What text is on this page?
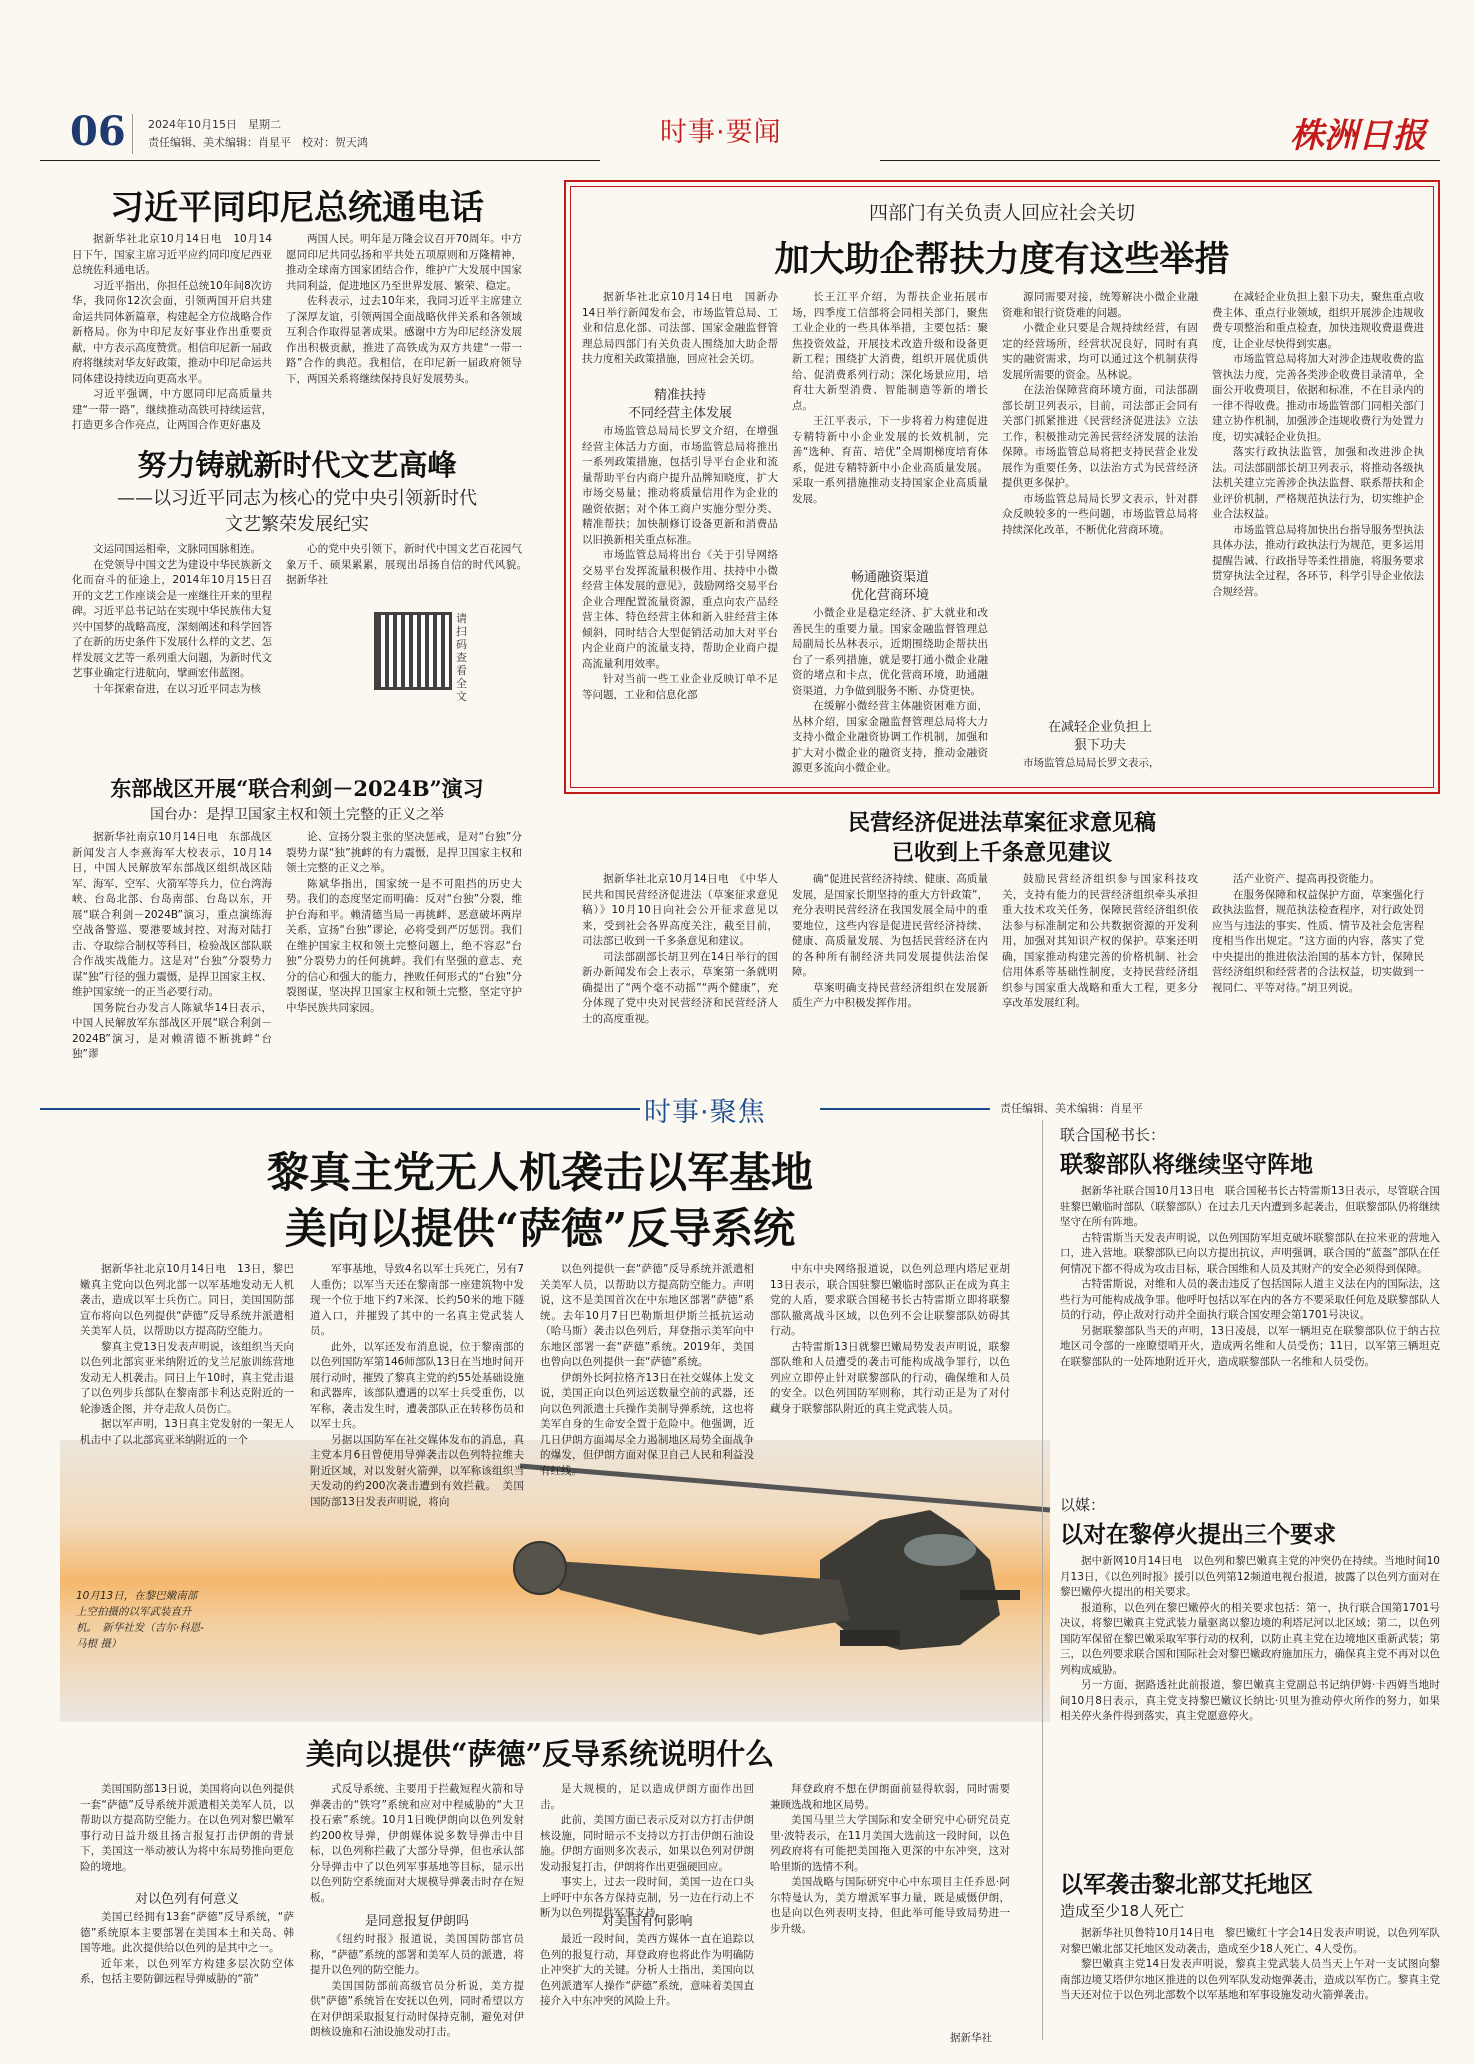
06 2024年10月15日　星期二
责任编辑、美术编辑：肖星平　校对：贺天鸿	时事·要闻	株洲日报
习近平同印尼总统通电话

据新华社北京10月14日电　10月14日下午，国家主席习近平应约同印度尼西亚总统佐科通电话。

习近平指出，你担任总统10年间8次访华，我同你12次会面，引领两国开启共建命运共同体新篇章，构建起全方位战略合作新格局。你为中印尼友好事业作出重要贡献，中方表示高度赞赏。相信印尼新一届政府将继续对华友好政策，推动中印尼命运共同体建设持续迈向更高水平。

习近平强调，中方愿同印尼高质量共建“一带一路”，继续推动高铁可持续运营，打造更多合作亮点，让两国合作更好惠及

两国人民。明年是万隆会议召开70周年。中方愿同印尼共同弘扬和平共处五项原则和万隆精神，推动全球南方国家团结合作，维护广大发展中国家共同利益，促进地区乃至世界发展、繁荣、稳定。

佐科表示，过去10年来，我同习近平主席建立了深厚友谊，引领两国全面战略伙伴关系和各领域互利合作取得显著成果。感谢中方为印尼经济发展作出积极贡献，推进了高铁成为双方共建“一带一路”合作的典范。我相信，在印尼新一届政府领导下，两国关系将继续保持良好发展势头。

努力铸就新时代文艺高峰
——以习近平同志为核心的党中央引领新时代
文艺繁荣发展纪实

文运同国运相牵，文脉同国脉相连。

在党领导中国文艺为建设中华民族新文化而奋斗的征途上，2014年10月15日召开的文艺工作座谈会是一座继往开来的里程碑。习近平总书记站在实现中华民族伟大复兴中国梦的战略高度，深刻阐述和科学回答了在新的历史条件下发展什么样的文艺、怎样发展文艺等一系列重大问题，为新时代文艺事业确定行进航向，擘画宏伟蓝图。

十年探索奋进，在以习近平同志为核

心的党中央引领下，新时代中国文艺百花园气象万千、硕果累累，展现出昂扬自信的时代风貌。　　据新华社

请扫码查看全文
东部战区开展“联合利剑－2024B”演习
国台办：是捍卫国家主权和领土完整的正义之举

据新华社南京10月14日电　东部战区新闻发言人李熹海军大校表示，10月14日，中国人民解放军东部战区组织战区陆军、海军、空军、火箭军等兵力，位台湾海峡、台岛北部、台岛南部、台岛以东，开展“联合利剑－2024B”演习，重点演练海空战备警巡、要港要域封控、对海对陆打击、夺取综合制权等科目，检验战区部队联合作战实战能力。这是对“台独”分裂势力谋“独”行径的强力震慑，是捍卫国家主权、维护国家统一的正当必要行动。

国务院台办发言人陈斌华14日表示，中国人民解放军东部战区开展“联合利剑－2024B”演习，是对赖清德不断挑衅“台独”谬

论、宣扬分裂主张的坚决惩戒，是对“台独”分裂势力谋“独”挑衅的有力震慑，是捍卫国家主权和领土完整的正义之举。

陈斌华指出，国家统一是不可阻挡的历史大势。我们的态度坚定而明确：反对“台独”分裂，维护台海和平。赖清德当局一再挑衅、恶意破坏两岸关系，宣扬“台独”谬论，必将受到严厉惩罚。我们在维护国家主权和领土完整问题上，绝不容忍“台独”分裂势力的任何挑衅。我们有坚强的意志、充分的信心和强大的能力，挫败任何形式的“台独”分裂图谋，坚决捍卫国家主权和领土完整，坚定守护中华民族共同家园。

四部门有关负责人回应社会关切
加大助企帮扶力度有这些举措

据新华社北京10月14日电　国新办14日举行新闻发布会，市场监管总局、工业和信息化部、司法部、国家金融监督管理总局四部门有关负责人围绕加大助企帮扶力度相关政策措施，回应社会关切。

精准扶持
不同经营主体发展

市场监管总局局长罗文介绍，在增强经营主体活力方面，市场监管总局将推出一系列政策措施，包括引导平台企业和流量帮助平台内商户提升品牌知晓度，扩大市场交易量；推动将质量信用作为企业的融资依据；对个体工商户实施分型分类、精准帮扶；加快制修订设备更新和消费品以旧换新相关重点标准。

市场监管总局将出台《关于引导网络交易平台发挥流量积极作用、扶持中小微经营主体发展的意见》，鼓励网络交易平台企业合理配置流量资源，重点向农产品经营主体、特色经营主体和新入驻经营主体倾斜，同时结合大型促销活动加大对平台内企业商户的流量支持，帮助企业商户提高流量利用效率。

针对当前一些工业企业反映订单不足等问题，工业和信息化部

长王江平介绍，为帮扶企业拓展市场，四季度工信部将会同相关部门，聚焦工业企业的一些具体举措，主要包括：聚焦投资效益，开展技术改造升级和设备更新工程；围绕扩大消费，组织开展优质供给、促消费系列行动；深化场景应用，培育壮大新型消费、智能制造等新的增长点。

王江平表示，下一步将着力构建促进专精特新中小企业发展的长效机制，完善“选种、育苗、培优”全周期梯度培育体系，促进专精特新中小企业高质量发展。采取一系列措施推动支持国家企业高质量发展。

畅通融资渠道
优化营商环境

小微企业是稳定经济、扩大就业和改善民生的重要力量。国家金融监督管理总局副局长丛林表示，近期围绕助企帮扶出台了一系列措施，就是要打通小微企业融资的堵点和卡点，优化营商环境，助通融资渠道，力争做到服务不断、办贷更快。

在缓解小微经营主体融资困难方面，丛林介绍，国家金融监督管理总局将大力支持小微企业融资协调工作机制，加强和扩大对小微企业的融资支持，推动金融资源更多流向小微企业。

源同需要对接，统筹解决小微企业融资难和银行资贷难的问题。

小微企业只要是合规持续经营，有固定的经营场所，经营状况良好，同时有真实的融资需求，均可以通过这个机制获得发展所需要的资金。丛林说。

在法治保障营商环境方面，司法部副部长胡卫列表示，目前，司法部正会同有关部门抓紧推进《民营经济促进法》立法工作，积极推动完善民营经济发展的法治保障。市场监管总局将把支持民营企业发展作为重要任务，以法治方式为民营经济提供更多保护。

市场监管总局局长罗文表示，针对群众反映较多的一些问题，市场监管总局将持续深化改革，不断优化营商环境。

在减轻企业负担上
狠下功夫

市场监管总局局长罗文表示，

在减轻企业负担上狠下功夫，聚焦重点收费主体、重点行业领域，组织开展涉企违规收费专项整治和重点检查，加快违规收费退费进度，让企业尽快得到实惠。

市场监管总局将加大对涉企违规收费的监管执法力度，完善各类涉企收费目录清单，全面公开收费项目，依据和标准，不在目录内的一律不得收费。推动市场监管部门同相关部门建立协作机制，加强涉企违规收费行为处置力度，切实减轻企业负担。

落实行政执法监管，加强和改进涉企执法。司法部副部长胡卫列表示，将推动各级执法机关建立完善涉企执法监督、联系帮扶和企业评价机制，严格规范执法行为，切实维护企业合法权益。

市场监管总局将加快出台指导服务型执法具体办法，推动行政执法行为规范，更多运用提醒告诫、行政指导等柔性措施，将服务要求贯穿执法全过程，各环节，科学引导企业依法合规经营。

民营经济促进法草案征求意见稿
已收到上千条意见建议

据新华社北京10月14日电　《中华人民共和国民营经济促进法（草案征求意见稿）》10月10日向社会公开征求意见以来，受到社会各界高度关注，截至目前，司法部已收到一千多条意见和建议。

司法部副部长胡卫列在14日举行的国新办新闻发布会上表示，草案第一条就明确提出了“两个毫不动摇”“两个健康”，充分体现了党中央对民营经济和民营经济人士的高度重视。

确“促进民营经济持续、健康、高质量发展，是国家长期坚持的重大方针政策”，充分表明民营经济在我国发展全局中的重要地位，这些内容是促进民营经济持续、健康、高质量发展、为包括民营经济在内的各种所有制经济共同发展提供法治保障。

草案明确支持民营经济组织在发展新质生产力中积极发挥作用。

鼓励民营经济组织参与国家科技攻关，支持有能力的民营经济组织牵头承担重大技术攻关任务，保障民营经济组织依法参与标准制定和公共数据资源的开发利用，加强对其知识产权的保护。草案还明确，国家推动构建完善的价格机制、社会信用体系等基础性制度，支持民营经济组织参与国家重大战略和重大工程，更多分享改革发展红利。

活产业资产、提高再投资能力。

在服务保障和权益保护方面，草案强化行政执法监督，规范执法检查程序，对行政处罚应当与违法的事实、性质、情节及社会危害程度相当作出规定。“这方面的内容，落实了党中央提出的推进依法治国的基本方针，保障民营经济组织和经营者的合法权益，切实做到一视同仁、平等对待。”胡卫列说。

时事·聚焦	责任编辑、美术编辑：肖星平
黎真主党无人机袭击以军基地
美向以提供“萨德”反导系统
10月13日，在黎巴嫩南部上空拍摄的以军武装直升机。　新华社发（吉尔·科恩-马根 摄）

据新华社北京10月14日电　13日，黎巴嫩真主党向以色列北部一以军基地发动无人机袭击，造成以军士兵伤亡。同日，美国国防部宣布将向以色列提供“萨德”反导系统并派遣相关美军人员，以帮助以方提高防空能力。

黎真主党13日发表声明说，该组织当天向以色列北部宾亚米纳附近的戈兰尼旅训练营地发动无人机袭击。同日上午10时，真主党击退了以色列步兵部队在黎南部卡利达克附近的一轮渗透企图，并夺走敌人员伤亡。

据以军声明，13日真主党发射的一架无人机击中了以北部宾亚米纳附近的一个

军事基地，导致4名以军士兵死亡，另有7人重伤；以军当天还在黎南部一座建筑物中发现一个位于地下约7米深、长约50米的地下隧道入口，并摧毁了其中的一名真主党武装人员。

此外，以军还发布消息说，位于黎南部的以色列国防军第146师部队13日在当地时间开展行动时，摧毁了黎真主党的约55处基础设施和武器库，该部队遭遇的以军士兵受重伤，以军称，袭击发生时，遭袭部队正在转移伤员和以军士兵。

另据以国防军在社交媒体发布的消息，真主党本月6日曾使用导弹袭击以色列特拉维夫附近区域，对以发射火箭弹，以军称该组织当天发动的约200次袭击遭到有效拦截。　美国国防部13日发表声明说，将向

以色列提供一套“萨德”反导系统并派遣相关美军人员，以帮助以方提高防空能力。声明说，这不是美国首次在中东地区部署“萨德”系统。去年10月7日巴勒斯坦伊斯兰抵抗运动（哈马斯）袭击以色列后，拜登指示美军向中东地区部署一套“萨德”系统。2019年，美国也曾向以色列提供一套“萨德”系统。

伊朗外长阿拉格齐13日在社交媒体上发文说，美国正向以色列运送数量空前的武器，还向以色列派遣士兵操作美制导弹系统，这也将美军自身的生命安全置于危险中。他强调，近几日伊朗方面竭尽全力遏制地区局势全面战争的爆发，但伊朗方面对保卫自己人民和利益没有红线。

中东中央网络报道说，以色列总理内塔尼亚胡13日表示，联合国驻黎巴嫩临时部队正在成为真主党的人盾，要求联合国秘书长古特雷斯立即将联黎部队撤离战斗区域，以色列不会让联黎部队妨碍其行动。

古特雷斯13日就黎巴嫩局势发表声明说，联黎部队维和人员遭受的袭击可能构成战争罪行，以色列应立即停止针对联黎部队的行动，确保维和人员的安全。以色列国防军则称，其行动正是为了对付藏身于联黎部队附近的真主党武装人员。

美向以提供“萨德”反导系统说明什么

美国国防部13日说，美国将向以色列提供一套“萨德”反导系统并派遣相关美军人员，以帮助以方提高防空能力。在以色列对黎巴嫩军事行动日益升级且扬言报复打击伊朗的背景下，美国这一举动被认为将中东局势推向更危险的境地。

对以色列有何意义

美国已经拥有13套“萨德”反导系统，“萨德”系统原本主要部署在美国本土和关岛、韩国等地。此次提供给以色列的是其中之一。

近年来，以色列军方构建多层次防空体系，包括主要防御远程导弹威胁的“箭”

式反导系统、主要用于拦截短程火箭和导弹袭击的“铁穹”系统和应对中程威胁的“大卫投石索”系统。10月1日晚伊朗向以色列发射约200枚导弹，伊朗媒体说多数导弹击中目标，以色列称拦截了大部分导弹，但也承认部分导弹击中了以色列军事基地等目标，显示出以色列防空系统面对大规模导弹袭击时存在短板。

是同意报复伊朗吗

《纽约时报》报道说，美国国防部官员称，“萨德”系统的部署和美军人员的派遣，将提升以色列的防空能力。

美国国防部前高级官员分析说，美方提供“萨德”系统旨在安抚以色列，同时希望以方在对伊朗采取报复行动时保持克制，避免对伊朗核设施和石油设施发动打击。

是大规模的，足以造成伊朗方面作出回击。

此前，美国方面已表示反对以方打击伊朗核设施，同时暗示不支持以方打击伊朗石油设施。伊朗方面则多次表示，如果以色列对伊朗发动报复打击，伊朗将作出更强硬回应。

事实上，过去一段时间，美国一边在口头上呼吁中东各方保持克制，另一边在行动上不断为以色列提供军事支持。

对美国有何影响

最近一段时间，美西方媒体一直在追踪以色列的报复行动，拜登政府也将此作为明确防止冲突扩大的关键。分析人士指出，美国向以色列派遣军人操作“萨德”系统，意味着美国直接介入中东冲突的风险上升。

拜登政府不想在伊朗面前显得软弱，同时需要兼顾选战和地区局势。

美国马里兰大学国际和安全研究中心研究员克里·波特表示，在11月美国大选前这一段时间，以色列政府将有可能把美国拖入更深的中东冲突，这对哈里斯的选情不利。

美国战略与国际研究中心中东项目主任乔恩·阿尔特曼认为，美方增派军事力量，既是威慑伊朗，也是向以色列表明支持，但此举可能导致局势进一步升级。

据新华社
联合国秘书长：
联黎部队将继续坚守阵地

据新华社联合国10月13日电　联合国秘书长古特雷斯13日表示，尽管联合国驻黎巴嫩临时部队（联黎部队）在过去几天内遭到多起袭击，但联黎部队仍将继续坚守在所有阵地。

古特雷斯当天发表声明说，以色列国防军坦克破坏联黎部队在拉米亚的营地入口，进入营地。联黎部队已向以方提出抗议，声明强调，联合国的“蓝盔”部队在任何情况下都不得成为攻击目标，联合国维和人员及其财产的安全必须得到保障。

古特雷斯说，对维和人员的袭击违反了包括国际人道主义法在内的国际法，这些行为可能构成战争罪。他呼吁包括以军在内的各方不要采取任何危及联黎部队人员的行动，停止敌对行动并全面执行联合国安理会第1701号决议。

另据联黎部队当天的声明，13日凌晨，以军一辆坦克在联黎部队位于纳古拉地区司令部的一座瞭望哨开火，造成两名维和人员受伤；11日，以军第三辆坦克在联黎部队的一处阵地附近开火，造成联黎部队一名维和人员受伤。

以媒：
以对在黎停火提出三个要求

据中新网10月14日电　以色列和黎巴嫩真主党的冲突仍在持续。当地时间10月13日，《以色列时报》援引以色列第12频道电视台报道，披露了以色列方面对在黎巴嫩停火提出的相关要求。

报道称，以色列在黎巴嫩停火的相关要求包括：第一，执行联合国第1701号决议，将黎巴嫩真主党武装力量驱离以黎边境的利塔尼河以北区域；第二，以色列国防军保留在黎巴嫩采取军事行动的权利，以防止真主党在边境地区重新武装；第三，以色列要求联合国和国际社会对黎巴嫩政府施加压力，确保真主党不再对以色列构成威胁。

另一方面，据路透社此前报道，黎巴嫩真主党副总书记纳伊姆·卡西姆当地时间10月8日表示，真主党支持黎巴嫩议长纳比·贝里为推动停火所作的努力，如果相关停火条件得到落实，真主党愿意停火。

以军袭击黎北部艾托地区
造成至少18人死亡

据新华社贝鲁特10月14日电　黎巴嫩红十字会14日发表声明说，以色列军队对黎巴嫩北部艾托地区发动袭击，造成至少18人死亡、4人受伤。

黎巴嫩真主党14日发表声明说，黎真主党武装人员当天上午对一支试图向黎南部边境艾塔伊尔地区推进的以色列军队发动炮弹袭击，造成以军伤亡。黎真主党当天还对位于以色列北部数个以军基地和军事设施发动火箭弹袭击。
